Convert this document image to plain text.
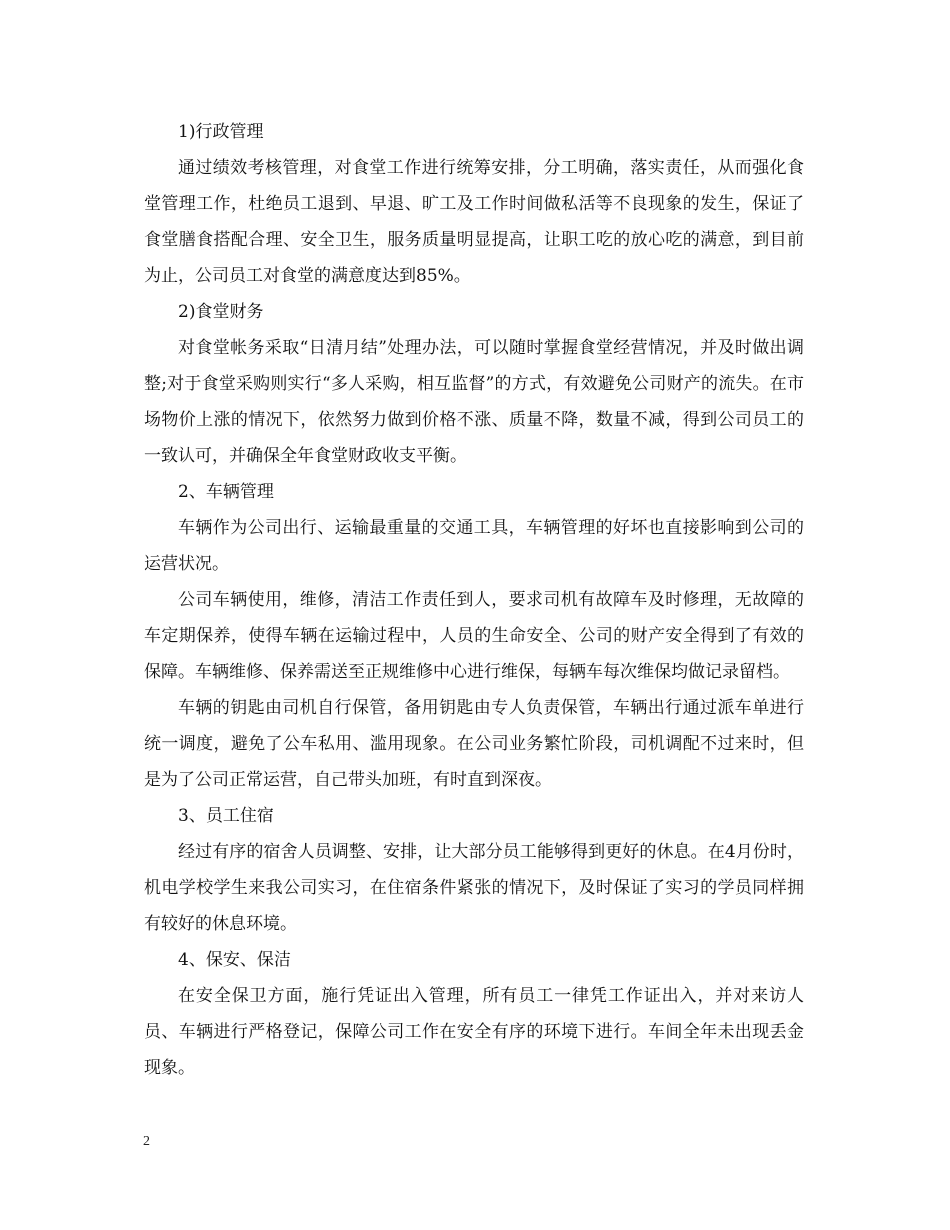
1)行政管理

通过绩效考核管理，对食堂工作进行统筹安排，分工明确，落实责任，从而强化食堂管理工作，杜绝员工退到、早退、旷工及工作时间做私活等不良现象的发生，保证了食堂膳食搭配合理、安全卫生，服务质量明显提高，让职工吃的放心吃的满意，到目前为止，公司员工对食堂的满意度达到85%。

2)食堂财务

对食堂帐务采取“日清月结”处理办法，可以随时掌握食堂经营情况，并及时做出调整;对于食堂采购则实行“多人采购，相互监督”的方式，有效避免公司财产的流失。在市场物价上涨的情况下，依然努力做到价格不涨、质量不降，数量不减，得到公司员工的一致认可，并确保全年食堂财政收支平衡。

2、车辆管理

车辆作为公司出行、运输最重量的交通工具，车辆管理的好坏也直接影响到公司的运营状况。

公司车辆使用，维修，清洁工作责任到人，要求司机有故障车及时修理，无故障的车定期保养，使得车辆在运输过程中，人员的生命安全、公司的财产安全得到了有效的保障。车辆维修、保养需送至正规维修中心进行维保，每辆车每次维保均做记录留档。

车辆的钥匙由司机自行保管，备用钥匙由专人负责保管，车辆出行通过派车单进行统一调度，避免了公车私用、滥用现象。在公司业务繁忙阶段，司机调配不过来时，但是为了公司正常运营，自己带头加班，有时直到深夜。

3、员工住宿

经过有序的宿舍人员调整、安排，让大部分员工能够得到更好的休息。在4月份时，机电学校学生来我公司实习，在住宿条件紧张的情况下，及时保证了实习的学员同样拥有较好的休息环境。

4、保安、保洁

在安全保卫方面，施行凭证出入管理，所有员工一律凭工作证出入，并对来访人员、车辆进行严格登记，保障公司工作在安全有序的环境下进行。车间全年未出现丢金现象。

2
